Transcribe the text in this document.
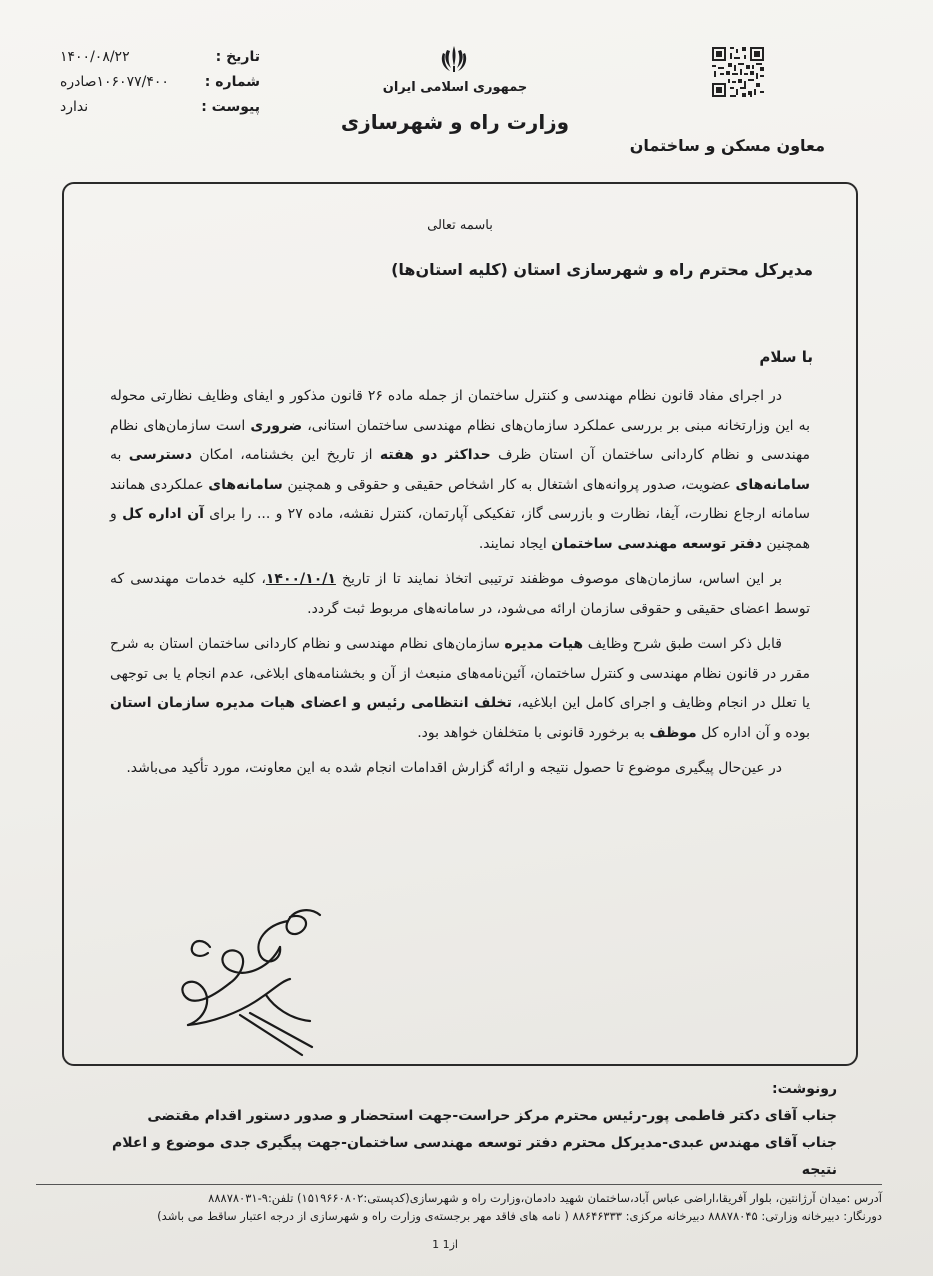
تاریخ :
۱۴۰۰/۰۸/۲۲
شماره :
۱۰۶۰۷۷/۴۰۰صادره
پیوست :
ندارد
جمهوری اسلامی ایران
وزارت راه و شهرسازی
معاون مسکن و ساختمان
باسمه تعالی
مدیرکل محترم راه و شهرسازی استان (کلیه استان‌ها)
با سلام

در اجرای مفاد قانون نظام مهندسی و کنترل ساختمان از جمله ماده ۲۶ قانون مذکور و ایفای وظایف نظارتی محوله به این وزارتخانه مبنی بر بررسی عملکرد سازمان‌های نظام مهندسی ساختمان استانی، ضروری است سازمان‌های نظام مهندسی و نظام کاردانی ساختمان آن استان ظرف حداکثر دو هفته از تاریخ این بخشنامه، امکان دسترسی به سامانه‌های عضویت، صدور پروانه‌های اشتغال به کار اشخاص حقیقی و حقوقی و همچنین سامانه‌های عملکردی همانند سامانه ارجاع نظارت، آیفا، نظارت و بازرسی گاز، تفکیکی آپارتمان، کنترل نقشه، ماده ۲۷ و ... را برای آن اداره کل و همچنین دفتر توسعه مهندسی ساختمان ایجاد نمایند.

بر این اساس، سازمان‌های موصوف موظفند ترتیبی اتخاذ نمایند تا از تاریخ ۱۴۰۰/۱۰/۱، کلیه خدمات مهندسی که توسط اعضای حقیقی و حقوقی سازمان ارائه می‌شود، در سامانه‌های مربوط ثبت گردد.

قابل ذکر است طبق شرح وظایف هیات مدیره سازمان‌های نظام مهندسی و نظام کاردانی ساختمان استان به شرح مقرر در قانون نظام مهندسی و کنترل ساختمان، آئین‌نامه‌های منبعث از آن و بخشنامه‌های ابلاغی، عدم انجام یا بی توجهی یا تعلل در انجام وظایف و اجرای کامل این ابلاغیه، تخلف انتظامی رئیس و اعضای هیات مدیره سازمان استان بوده و آن اداره کل موظف به برخورد قانونی با متخلفان خواهد بود.

در عین‌حال پیگیری موضوع تا حصول نتیجه و ارائه گزارش اقدامات انجام شده به این معاونت، مورد تأکید می‌باشد.

رونوشت:
جناب آقای دکتر فاطمی پور-رئیس محترم مرکز حراست-جهت استحضار و صدور دستور اقدام مقتضی
جناب آقای مهندس عبدی-مدیرکل محترم دفتر توسعه مهندسی ساختمان-جهت پیگیری جدی موضوع و اعلام نتیجه
آدرس :میدان آرژانتین، بلوار آفریقا،اراضی عباس آباد،ساختمان شهید دادمان،وزارت راه و شهرسازی(کدپستی:۱۵۱۹۶۶۰۸۰۲) تلفن:۹-۸۸۸۷۸۰۳۱
دورنگار: دبیرخانه وزارتی: ۸۸۸۷۸۰۴۵ دبیرخانه مرکزی: ۸۸۶۴۶۳۳۳ ( نامه های فاقد مهر برجسته‌ی وزارت راه و شهرسازی از درجه اعتبار ساقط می باشد)
1 از1
